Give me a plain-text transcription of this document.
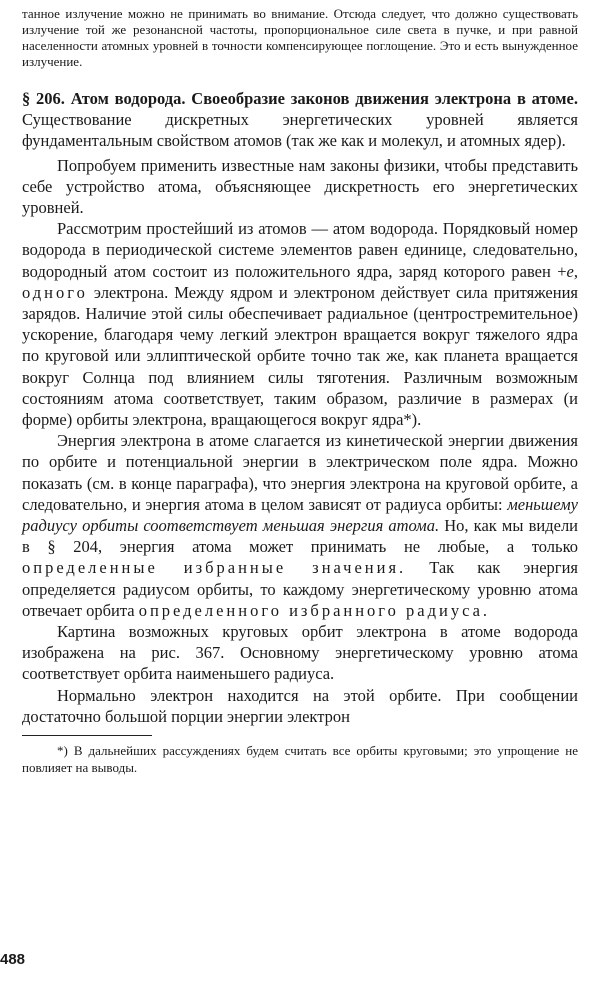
танное излучение можно не принимать во внимание. Отсюда следует, что должно существовать излучение той же резонансной частоты, пропорциональное силе света в пучке, и при равной населенности атомных уровней в точности компенсирующее поглощение. Это и есть вынужденное излучение.

§ 206. Атом водорода. Своеобразие законов движения электрона в атоме. Существование дискретных энергетических уровней является фундаментальным свойством атомов (так же как и молекул, и атомных ядер).

Попробуем применить известные нам законы физики, чтобы представить себе устройство атома, объясняющее дискретность его энергетических уровней.

Рассмотрим простейший из атомов — атом водорода. Порядковый номер водорода в периодической системе элементов равен единице, следовательно, водородный атом состоит из положительного ядра, заряд которого равен +e, одного электрона. Между ядром и электроном действует сила притяжения зарядов. Наличие этой силы обеспечивает радиальное (центростремительное) ускорение, благодаря чему легкий электрон вращается вокруг тяжелого ядра по круговой или эллиптической орбите точно так же, как планета вращается вокруг Солнца под влиянием силы тяготения. Различным возможным состояниям атома соответствует, таким образом, различие в размерах (и форме) орбиты электрона, вращающегося вокруг ядра*).

Энергия электрона в атоме слагается из кинетической энергии движения по орбите и потенциальной энергии в электрическом поле ядра. Можно показать (см. в конце параграфа), что энергия электрона на круговой орбите, а следовательно, и энергия атома в целом зависят от радиуса орбиты: меньшему радиусу орбиты соответствует меньшая энергия атома. Но, как мы видели в § 204, энергия атома может принимать не любые, а только определенные избранные значения. Так как энергия определяется радиусом орбиты, то каждому энергетическому уровню атома отвечает орбита определенного избранного радиуса.

Картина возможных круговых орбит электрона в атоме водорода изображена на рис. 367. Основному энергетическому уровню атома соответствует орбита наименьшего радиуса.

Нормально электрон находится на этой орбите. При сообщении достаточно большой порции энергии электрон

*) В дальнейших рассуждениях будем считать все орбиты круговыми; это упрощение не повлияет на выводы.

488
